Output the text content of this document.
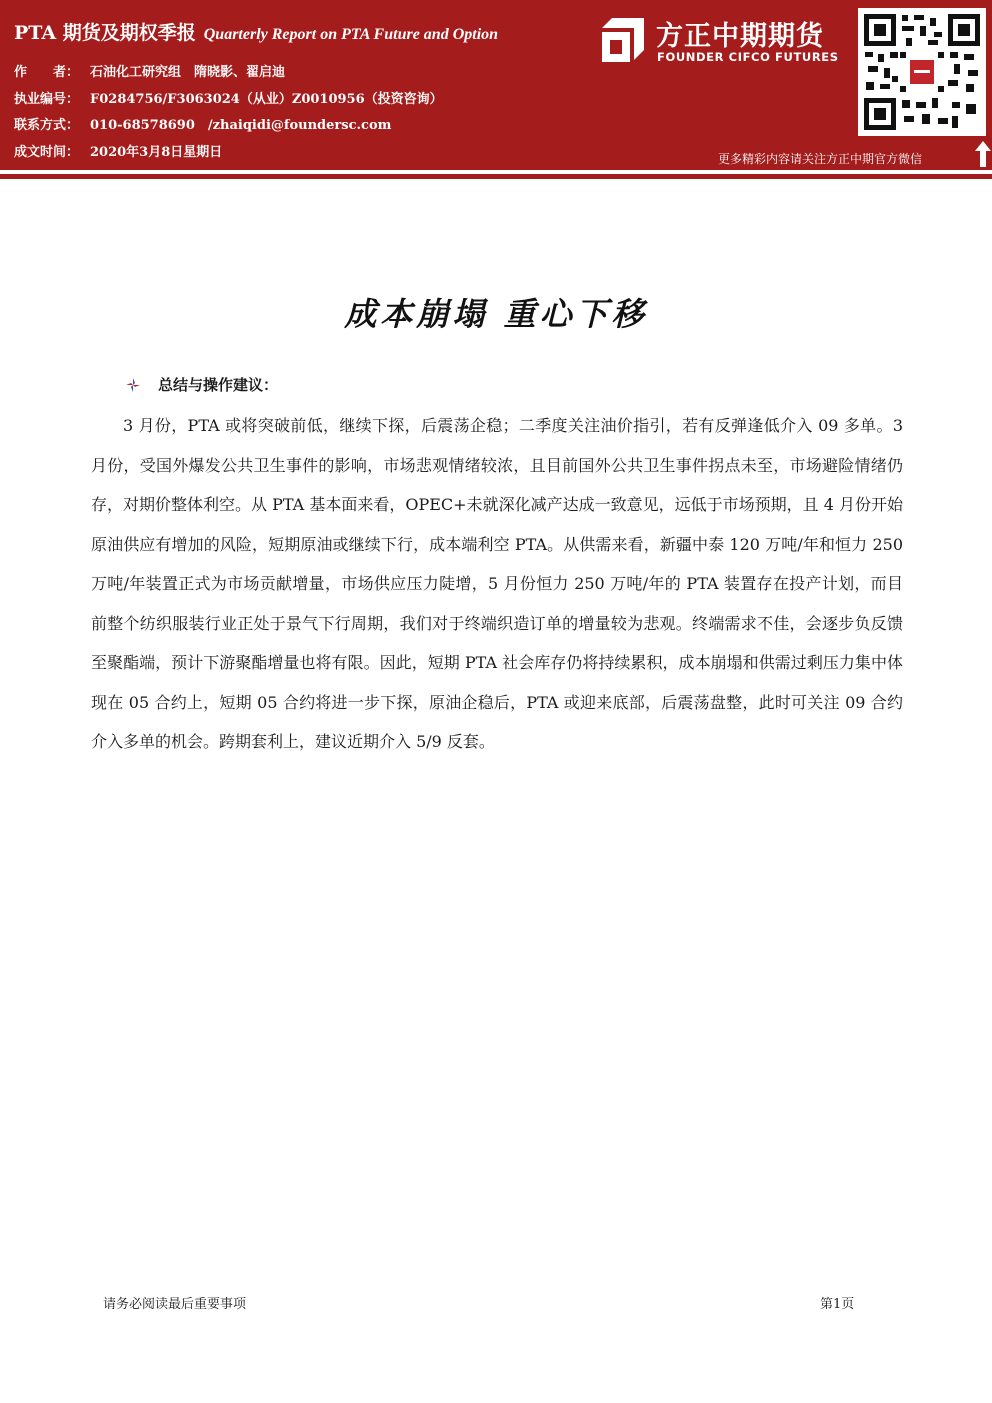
PTA 期货及期权季报 Quarterly Report on PTA Future and Option
作　　者： 石油化工研究组　隋晓影、翟启迪
执业编号： F0284756/F3063024（从业）Z0010956（投资咨询）
联系方式： 010-68578690　/zhaiqidi@foundersc.com
成文时间： 2020年3月8日星期日
方正中期期货
FOUNDER CIFCO FUTURES
更多精彩内容请关注方正中期官方微信
成本崩塌 重心下移
总结与操作建议：

3 月份，PTA 或将突破前低，继续下探，后震荡企稳；二季度关注油价指引，若有反弹逢低介入 09 多单。3 月份，受国外爆发公共卫生事件的影响，市场悲观情绪较浓，且目前国外公共卫生事件拐点未至，市场避险情绪仍存，对期价整体利空。从 PTA 基本面来看，OPEC+未就深化减产达成一致意见，远低于市场预期，且 4 月份开始原油供应有增加的风险，短期原油或继续下行，成本端利空 PTA。从供需来看，新疆中泰 120 万吨/年和恒力 250 万吨/年装置正式为市场贡献增量，市场供应压力陡增，5 月份恒力 250 万吨/年的 PTA 装置存在投产计划，而目前整个纺织服装行业正处于景气下行周期，我们对于终端织造订单的增量较为悲观。终端需求不佳，会逐步负反馈至聚酯端，预计下游聚酯增量也将有限。因此，短期 PTA 社会库存仍将持续累积，成本崩塌和供需过剩压力集中体现在 05 合约上，短期 05 合约将进一步下探，原油企稳后，PTA 或迎来底部，后震荡盘整，此时可关注 09 合约介入多单的机会。跨期套利上，建议近期介入 5/9 反套。

请务必阅读最后重要事项	第1页
